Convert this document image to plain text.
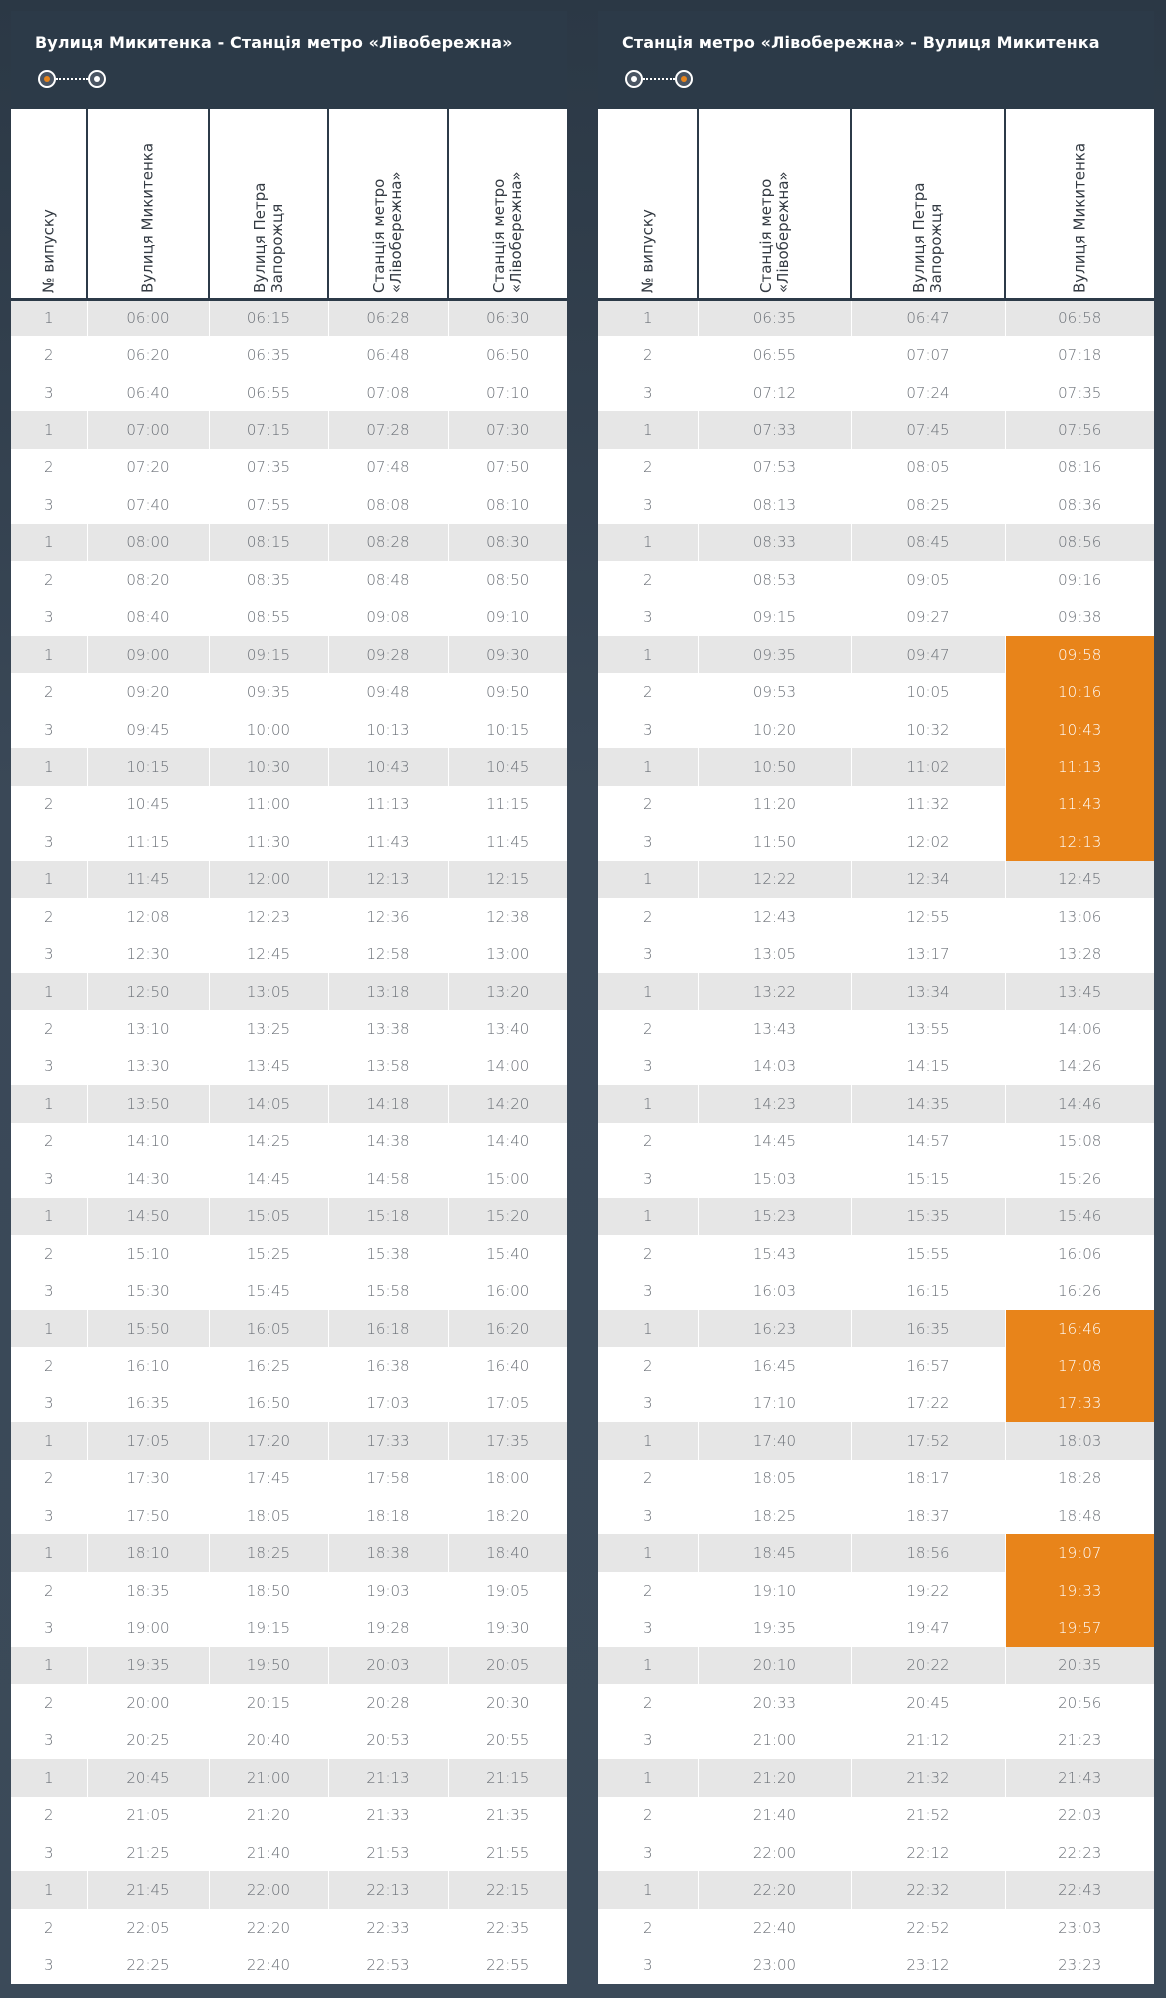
Вулиця Микитенка - Станція метро «Лівобережна»
№ випуску	Вулиця Микитенка	Вулиця Петра Запорожця	Станція метро «Лівобережна»	Станція метро «Лівобережна»

1	06:00	06:15	06:28	06:30
2	06:20	06:35	06:48	06:50
3	06:40	06:55	07:08	07:10
1	07:00	07:15	07:28	07:30
2	07:20	07:35	07:48	07:50
3	07:40	07:55	08:08	08:10
1	08:00	08:15	08:28	08:30
2	08:20	08:35	08:48	08:50
3	08:40	08:55	09:08	09:10
1	09:00	09:15	09:28	09:30
2	09:20	09:35	09:48	09:50
3	09:45	10:00	10:13	10:15
1	10:15	10:30	10:43	10:45
2	10:45	11:00	11:13	11:15
3	11:15	11:30	11:43	11:45
1	11:45	12:00	12:13	12:15
2	12:08	12:23	12:36	12:38
3	12:30	12:45	12:58	13:00
1	12:50	13:05	13:18	13:20
2	13:10	13:25	13:38	13:40
3	13:30	13:45	13:58	14:00
1	13:50	14:05	14:18	14:20
2	14:10	14:25	14:38	14:40
3	14:30	14:45	14:58	15:00
1	14:50	15:05	15:18	15:20
2	15:10	15:25	15:38	15:40
3	15:30	15:45	15:58	16:00
1	15:50	16:05	16:18	16:20
2	16:10	16:25	16:38	16:40
3	16:35	16:50	17:03	17:05
1	17:05	17:20	17:33	17:35
2	17:30	17:45	17:58	18:00
3	17:50	18:05	18:18	18:20
1	18:10	18:25	18:38	18:40
2	18:35	18:50	19:03	19:05
3	19:00	19:15	19:28	19:30
1	19:35	19:50	20:03	20:05
2	20:00	20:15	20:28	20:30
3	20:25	20:40	20:53	20:55
1	20:45	21:00	21:13	21:15
2	21:05	21:20	21:33	21:35
3	21:25	21:40	21:53	21:55
1	21:45	22:00	22:13	22:15
2	22:05	22:20	22:33	22:35
3	22:25	22:40	22:53	22:55
Станція метро «Лівобережна» - Вулиця Микитенка
№ випуску	Станція метро «Лівобережна»	Вулиця Петра Запорожця	Вулиця Микитенка

1	06:35	06:47	06:58
2	06:55	07:07	07:18
3	07:12	07:24	07:35
1	07:33	07:45	07:56
2	07:53	08:05	08:16
3	08:13	08:25	08:36
1	08:33	08:45	08:56
2	08:53	09:05	09:16
3	09:15	09:27	09:38
1	09:35	09:47	09:58
2	09:53	10:05	10:16
3	10:20	10:32	10:43
1	10:50	11:02	11:13
2	11:20	11:32	11:43
3	11:50	12:02	12:13
1	12:22	12:34	12:45
2	12:43	12:55	13:06
3	13:05	13:17	13:28
1	13:22	13:34	13:45
2	13:43	13:55	14:06
3	14:03	14:15	14:26
1	14:23	14:35	14:46
2	14:45	14:57	15:08
3	15:03	15:15	15:26
1	15:23	15:35	15:46
2	15:43	15:55	16:06
3	16:03	16:15	16:26
1	16:23	16:35	16:46
2	16:45	16:57	17:08
3	17:10	17:22	17:33
1	17:40	17:52	18:03
2	18:05	18:17	18:28
3	18:25	18:37	18:48
1	18:45	18:56	19:07
2	19:10	19:22	19:33
3	19:35	19:47	19:57
1	20:10	20:22	20:35
2	20:33	20:45	20:56
3	21:00	21:12	21:23
1	21:20	21:32	21:43
2	21:40	21:52	22:03
3	22:00	22:12	22:23
1	22:20	22:32	22:43
2	22:40	22:52	23:03
3	23:00	23:12	23:23
